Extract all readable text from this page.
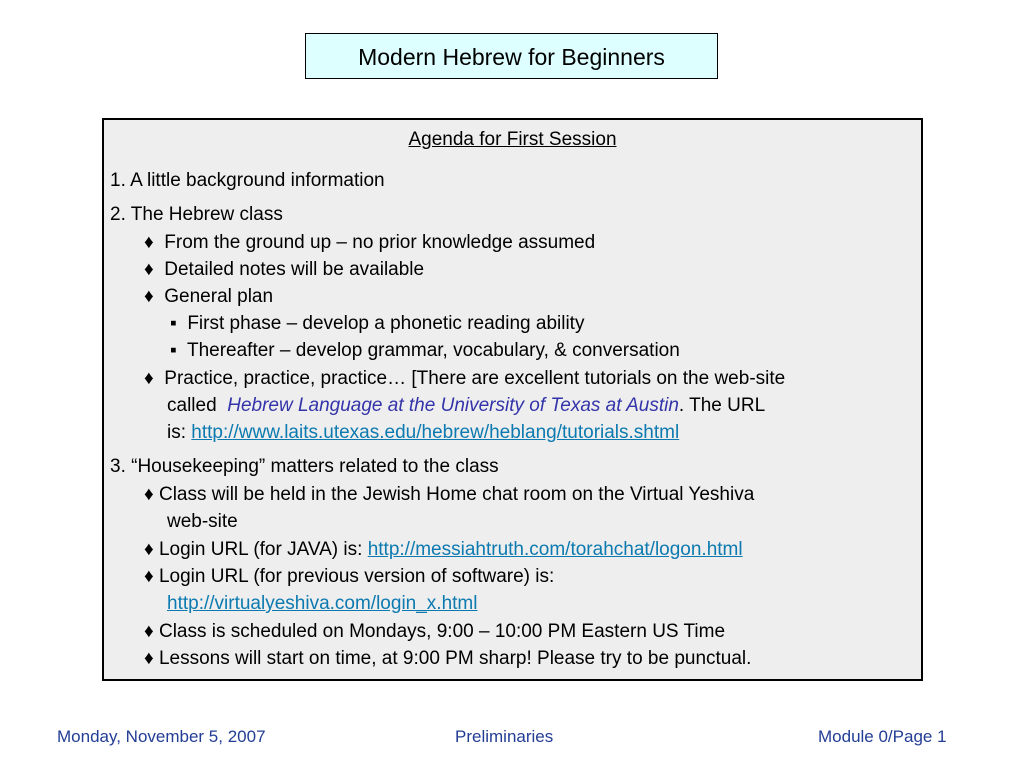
Modern Hebrew for Beginners
Agenda for First Session
1. A little background information
2. The Hebrew class
♦ From the ground up – no prior knowledge assumed
♦ Detailed notes will be available
♦ General plan
▪ First phase – develop a phonetic reading ability
▪ Thereafter – develop grammar, vocabulary, & conversation
♦ Practice, practice, practice… [There are excellent tutorials on the web-site
called Hebrew Language at the University of Texas at Austin. The URL
is: http://www.laits.utexas.edu/hebrew/heblang/tutorials.shtml
3. “Housekeeping” matters related to the class
♦ Class will be held in the Jewish Home chat room on the Virtual Yeshiva
web-site
♦ Login URL (for JAVA) is: http://messiahtruth.com/torahchat/logon.html
♦ Login URL (for previous version of software) is:
http://virtualyeshiva.com/login_x.html
♦ Class is scheduled on Mondays, 9:00 – 10:00 PM Eastern US Time
♦ Lessons will start on time, at 9:00 PM sharp! Please try to be punctual.
Monday, November 5, 2007	Preliminaries	Module 0/Page 1
